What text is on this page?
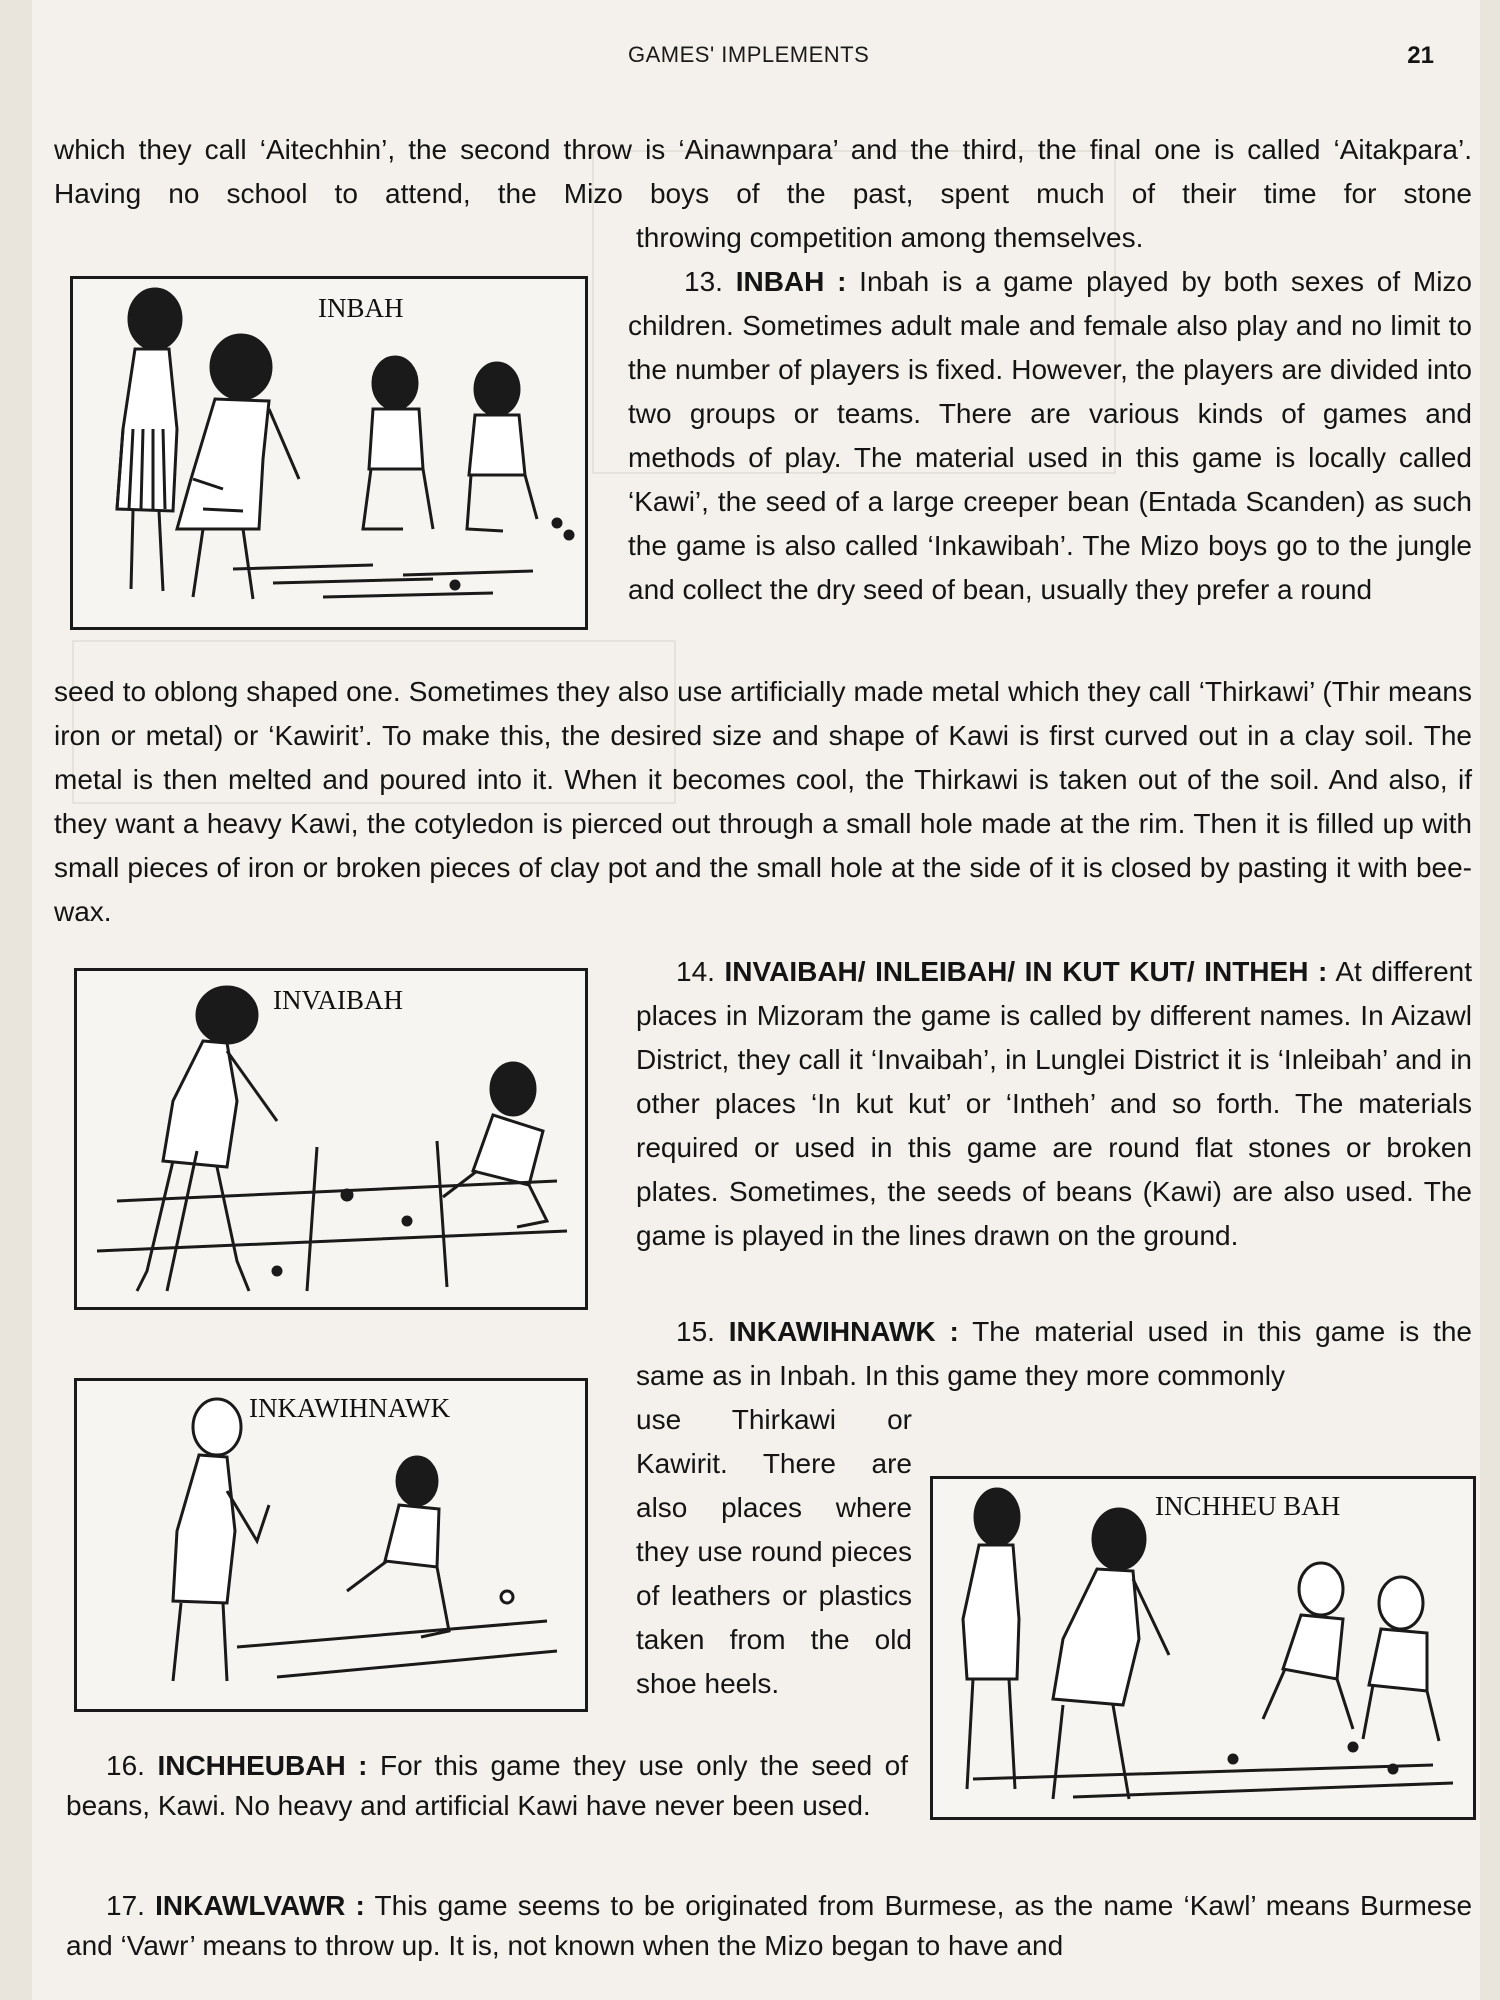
GAMES' IMPLEMENTS	21

which they call ‘Aitechhin’, the second throw is ‘Ainawnpara’ and the third, the final one is called ‘Aitakpara’. Having no school to attend, the Mizo boys of the past, spent much of their time for stone

throwing competition among themselves.
INBAH

13. INBAH : Inbah is a game played by both sexes of Mizo children. Sometimes adult male and female also play and no limit to the number of players is fixed. However, the players are divided into two groups or teams. There are various kinds of games and methods of play. The material used in this game is locally called ‘Kawi’, the seed of a large creeper bean (Entada Scanden) as such the game is also called ‘Inkawibah’. The Mizo boys go to the jungle and collect the dry seed of bean, usually they prefer a round

seed to oblong shaped one. Sometimes they also use artificially made metal which they call ‘Thirkawi’ (Thir means iron or metal) or ‘Kawirit’. To make this, the desired size and shape of Kawi is first curved out in a clay soil. The metal is then melted and poured into it. When it becomes cool, the Thirkawi is taken out of the soil. And also, if they want a heavy Kawi, the cotyledon is pierced out through a small hole made at the rim. Then it is filled up with small pieces of iron or broken pieces of clay pot and the small hole at the side of it is closed by pasting it with bee-wax.

INVAIBAH

14. INVAIBAH/ INLEIBAH/ IN KUT KUT/ INTHEH : At different places in Mizoram the game is called by different names. In Aizawl District, they call it ‘Invaibah’, in Lunglei District it is ‘Inleibah’ and in other places ‘In kut kut’ or ‘Intheh’ and so forth. The materials required or used in this game are round flat stones or broken plates. Sometimes, the seeds of beans (Kawi) are also used. The game is played in the lines drawn on the ground.

15. INKAWIHNAWK : The material used in this game is the same as in Inbah. In this game they more commonly

INKAWIHNAWK	use Thirkawi or Kawirit. There are also places where they use round pieces of leathers or plastics taken from the old shoe heels.

INCHHEU BAH

16. INCHHEUBAH : For this game they use only the seed of beans, Kawi. No heavy and artificial Kawi have never been used.

17. INKAWLVAWR : This game seems to be originated from Burmese, as the name ‘Kawl’ means Burmese and ‘Vawr’ means to throw up. It is, not known when the Mizo began to have and
